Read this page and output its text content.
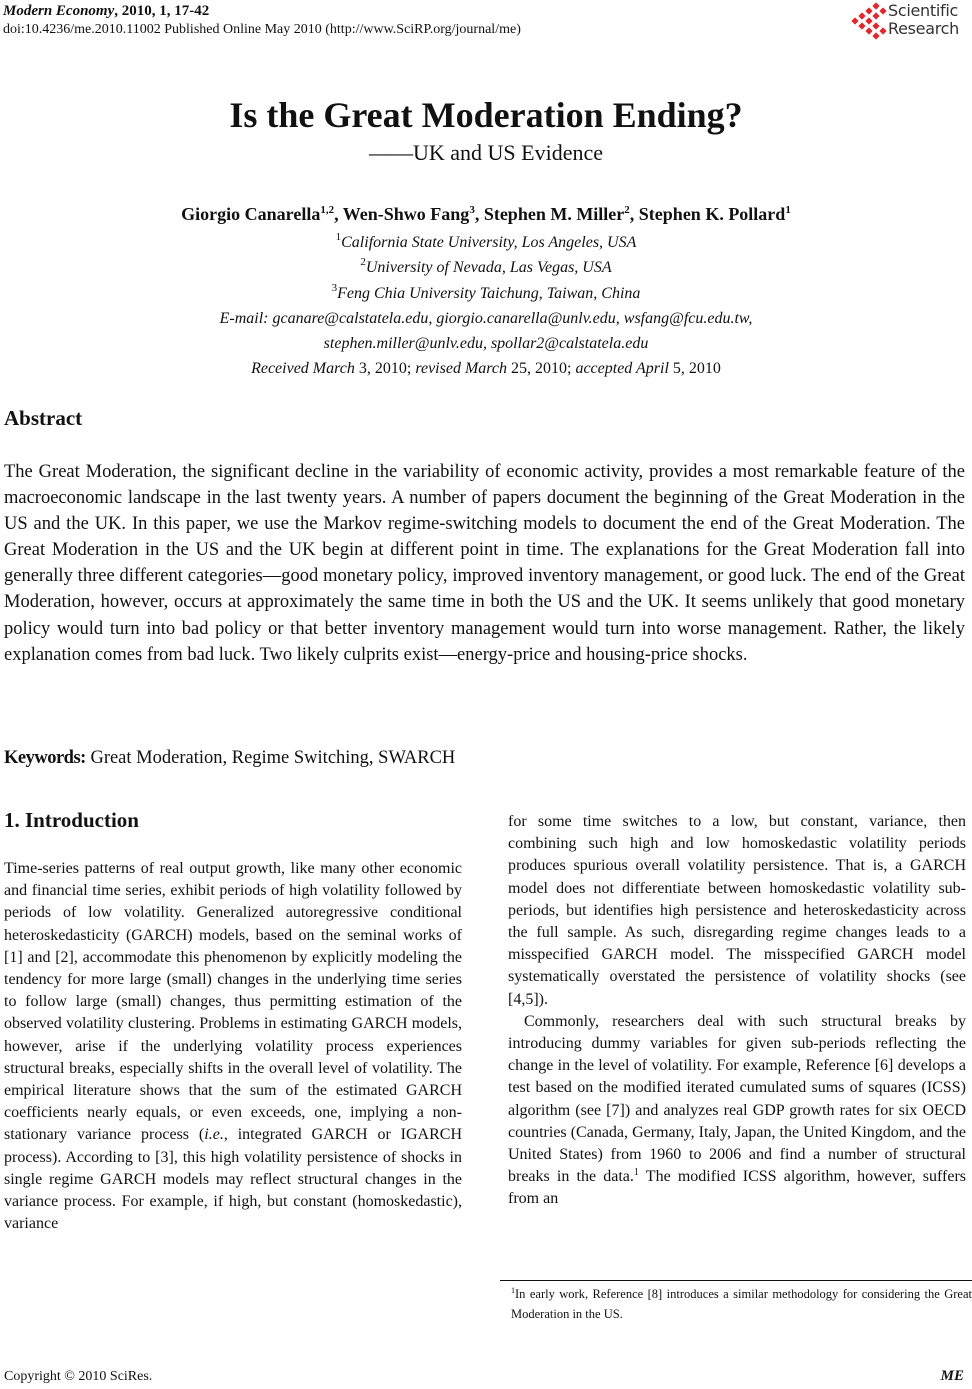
Modern Economy, 2010, 1, 17-42
doi:10.4236/me.2010.11002 Published Online May 2010 (http://www.SciRP.org/journal/me)
Scientific
Research
Is the Great Moderation Ending?
——UK and US Evidence
Giorgio Canarella$^{1,2}$, Wen-Shwo Fang$^3$, Stephen M. Miller$^2$, Stephen K. Pollard$^1$
$^1$California State University, Los Angeles, USA
$^2$University of Nevada, Las Vegas, USA
$^3$Feng Chia University Taichung, Taiwan, China
E-mail: gcanare@calstatela.edu, giorgio.canarella@unlv.edu, wsfang@fcu.edu.tw,
stephen.miller@unlv.edu, spollar2@calstatela.edu
Received March 3, 2010; revised March 25, 2010; accepted April 5, 2010
Abstract
The Great Moderation, the significant decline in the variability of economic activity, provides a most remarkable feature of the macroeconomic landscape in the last twenty years. A number of papers document the beginning of the Great Moderation in the US and the UK. In this paper, we use the Markov regime-switching models to document the end of the Great Moderation. The Great Moderation in the US and the UK begin at different point in time. The explanations for the Great Moderation fall into generally three different categories—good monetary policy, improved inventory management, or good luck. The end of the Great Moderation, however, occurs at approximately the same time in both the US and the UK. It seems unlikely that good monetary policy would turn into bad policy or that better inventory management would turn into worse management. Rather, the likely explanation comes from bad luck. Two likely culprits exist—energy-price and housing-price shocks.
Keywords: Great Moderation, Regime Switching, SWARCH
1. Introduction

Time-series patterns of real output growth, like many other economic and financial time series, exhibit periods of high volatility followed by periods of low volatility. Generalized autoregressive conditional heteroskedasticity (GARCH) models, based on the seminal works of [1] and [2], accommodate this phenomenon by explicitly modeling the tendency for more large (small) changes in the underlying time series to follow large (small) changes, thus permitting estimation of the observed volatility clustering. Problems in estimating GARCH models, however, arise if the underlying volatility process experiences structural breaks, especially shifts in the overall level of volatility. The empirical literature shows that the sum of the estimated GARCH coefficients nearly equals, or even exceeds, one, implying a non-stationary variance process (i.e., integrated GARCH or IGARCH process). According to [3], this high volatility persistence of shocks in single regime GARCH models may reflect structural changes in the variance process. For example, if high, but constant (homoskedastic), variance

for some time switches to a low, but constant, variance, then combining such high and low homoskedastic volatility periods produces spurious overall volatility persistence. That is, a GARCH model does not differentiate between homoskedastic volatility sub-periods, but identifies high persistence and heteroskedasticity across the full sample. As such, disregarding regime changes leads to a misspecified GARCH model. The misspecified GARCH model systematically overstated the persistence of volatility shocks (see [4,5]).

Commonly, researchers deal with such structural breaks by introducing dummy variables for given sub-periods reflecting the change in the level of volatility. For example, Reference [6] develops a test based on the modified iterated cumulated sums of squares (ICSS) algorithm (see [7]) and analyzes real GDP growth rates for six OECD countries (Canada, Germany, Italy, Japan, the United Kingdom, and the United States) from 1960 to 2006 and find a number of structural breaks in the data.$^1$ The modified ICSS algorithm, however, suffers from an

$^1$In early work, Reference [8] introduces a similar methodology for considering the Great Moderation in the US.
Copyright © 2010 SciRes.	ME
